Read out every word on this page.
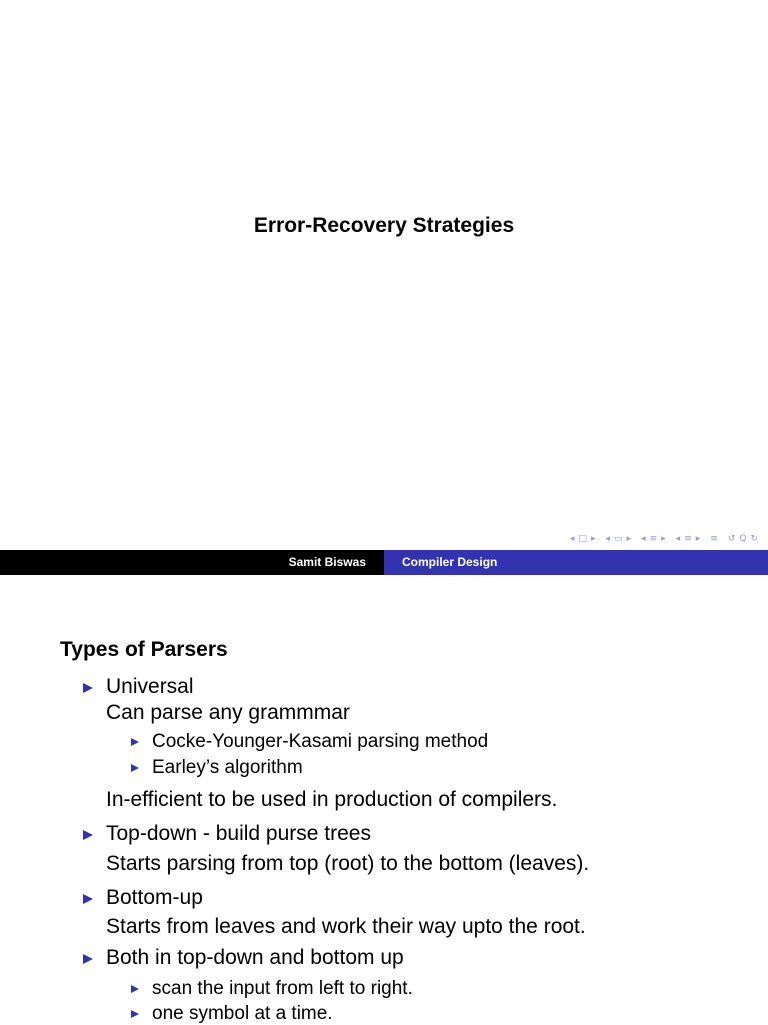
Error-Recovery Strategies
◂ □ ▸ ◂ ▭ ▸ ◂ ≡ ▸ ◂ ≡ ▸ ≡ ↺ Q ↻
Samit Biswas	Compiler Design
Types of Parsers
Universal
Can parse any grammmar
Cocke-Younger-Kasami parsing method
Earley’s algorithm
In-efficient to be used in production of compilers.
Top-down - build purse trees
Starts parsing from top (root) to the bottom (leaves).
Bottom-up
Starts from leaves and work their way upto the root.
Both in top-down and bottom up
scan the input from left to right.
one symbol at a time.
